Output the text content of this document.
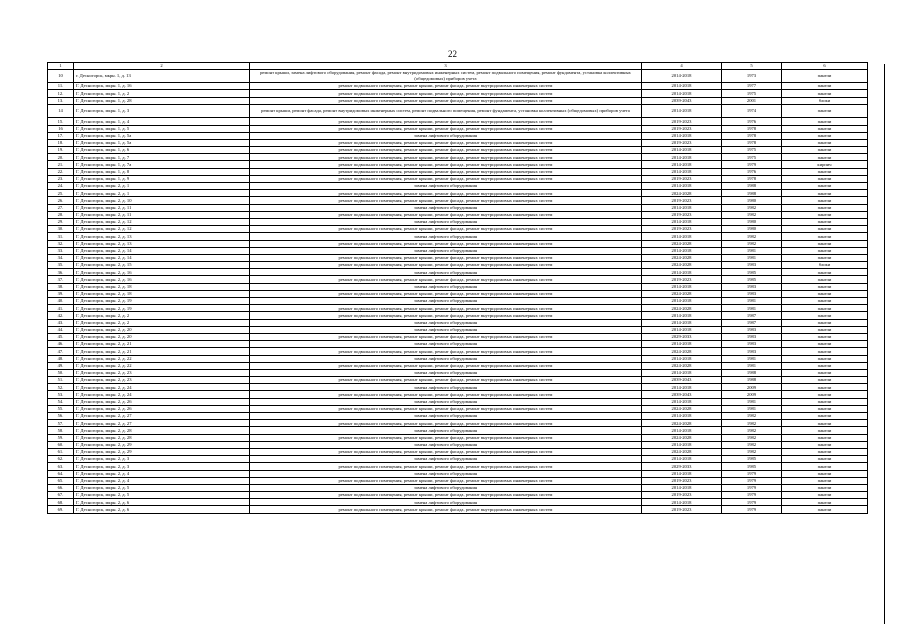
22
1	2	3	4	5	6
10	г. Десногорск, мкрн. 1, д. 13	ремонт крыши, замена лифтового оборудования, ремонт фасада, ремонт внутридомовых инженерных систем, ремонт подвального помещения, ремонт фундамента, установка коллективных (общедомовых) приборов учета	2014-2018	1973	панели
11.	Г. Десногорск, мкрн. 1, д. 16	ремонт подвального помещения, ремонт крыши, ремонт фасада, ремонт внутридомовых инженерных систем	2014-2018	1977	панели
12.	Г. Десногорск, мкрн. 1, д. 2	ремонт подвального помещения, ремонт крыши, ремонт фасада, ремонт внутридомовых инженерных систем	2014-2018	1975	панели
13.	Г. Десногорск, мкрн. 1, д. 28	ремонт подвального помещения, ремонт крыши, ремонт фасада, ремонт внутридомовых инженерных систем	2039-2043	2001	блоки
14	Г. Десногорск, мкрн. 1, д. 3	ремонт крыши, ремонт фасада, ремонт внутридомовых инженерных систем, ремонт подвального помещения, ремонт фундамента, установка коллективных (общедомовых) приборов учета	2014-2018	1974	панели
15.	Г. Десногорск, мкрн. 1, д. 4	ремонт подвального помещения, ремонт крыши, ремонт фасада, ремонт внутридомовых инженерных систем	2019-2023	1976	панели
16	Г. Десногорск, мкрн. 1, д. 5	ремонт подвального помещения, ремонт крыши, ремонт фасада, ремонт внутридомовых инженерных систем	2019-2023	1978	панели
17.	Г. Десногорск, мкрн. 1, д. 5а	замена лифтового оборудования	2014-2018	1978	панели
18.	Г. Десногорск, мкрн. 1, д. 5а	ремонт подвального помещения, ремонт крыши, ремонт фасада, ремонт внутридомовых инженерных систем	2019-2023	1978	панели
19.	Г. Десногорск, мкрн. 1, д. 6	ремонт подвального помещения, ремонт крыши, ремонт фасада, ремонт внутридомовых инженерных систем	2014-2018	1975	панели
20.	Г. Десногорск, мкрн. 1, д. 7	ремонт подвального помещения, ремонт крыши, ремонт фасада, ремонт внутридомовых инженерных систем	2014-2018	1975	панели
21.	Г. Десногорск, мкрн. 1, д. 7а	ремонт подвального помещения, ремонт крыши, ремонт фасада, ремонт внутридомовых инженерных систем	2014-2018	1979	кирпич
22.	Г. Десногорск, мкрн. 1, д. 8	ремонт подвального помещения, ремонт крыши, ремонт фасада, ремонт внутридомовых инженерных систем	2014-2018	1976	панели
23.	Г. Десногорск, мкрн. 1, д. 9	ремонт подвального помещения, ремонт крыши, ремонт фасада, ремонт внутридомовых инженерных систем	2019-2023	1978	панели
24.	Г. Десногорск, мкрн. 2, д. 1	замена лифтового оборудования	2014-2018	1988	панели
25.	Г. Десногорск, мкрн. 2, д. 1	ремонт подвального помещения, ремонт крыши, ремонт фасада, ремонт внутридомовых инженерных систем	2024-2028	1988	панели
26.	Г. Десногорск, мкрн. 2, д. 10	ремонт подвального помещения, ремонт крыши, ремонт фасада, ремонт внутридомовых инженерных систем	2019-2023	1980	панели
27.	Г. Десногорск, мкрн. 2, д. 11	замена лифтового оборудования	2014-2018	1982	панели
28.	Г. Десногорск, мкрн. 2, д. 11	ремонт подвального помещения, ремонт крыши, ремонт фасада, ремонт внутридомовых инженерных систем	2019-2023	1982	панели
29.	Г. Десногорск, мкрн. 2, д. 12	замена лифтового оборудования	2014-2018	1980	панели
30.	Г. Десногорск, мкрн. 2, д. 12	ремонт подвального помещения, ремонт крыши, ремонт фасада, ремонт внутридомовых инженерных систем	2019-2023	1980	панели
31.	Г. Десногорск, мкрн. 2, д. 13	замена лифтового оборудования	2014-2018	1982	панели
32.	Г. Десногорск, мкрн. 2, д. 13	ремонт подвального помещения, ремонт крыши, ремонт фасада, ремонт внутридомовых инженерных систем	2024-2028	1982	панели
33.	Г. Десногорск, мкрн. 2, д. 14	замена лифтового оборудования	2014-2018	1981	панели
34.	Г. Десногорск, мкрн. 2, д. 14	ремонт подвального помещения, ремонт крыши, ремонт фасада, ремонт внутридомовых инженерных систем	2024-2028	1981	панели
35.	Г. Десногорск, мкрн. 2, д. 15	ремонт подвального помещения, ремонт крыши, ремонт фасада, ремонт внутридомовых инженерных систем	2024-2028	1983	блоки
36.	Г. Десногорск, мкрн. 2, д. 16	замена лифтового оборудования	2014-2018	1985	панели
37.	Г. Десногорск, мкрн. 2, д. 16	ремонт подвального помещения, ремонт крыши, ремонт фасада, ремонт внутридомовых инженерных систем	2019-2023	1985	панели
38.	Г. Десногорск, мкрн. 2, д. 18	замена лифтового оборудования	2014-2018	1983	панели
39.	Г. Десногорск, мкрн. 2, д. 18	ремонт подвального помещения, ремонт крыши, ремонт фасада, ремонт внутридомовых инженерных систем	2024-2028	1983	панели
40.	Г. Десногорск, мкрн. 2, д. 19	замена лифтового оборудования	2014-2018	1981	панели
41.	Г. Десногорск, мкрн. 2, д. 19	ремонт подвального помещения, ремонт крыши, ремонт фасада, ремонт внутридомовых инженерных систем	2024-2028	1981	панели
42.	Г. Десногорск, мкрн. 2, д. 2	ремонт подвального помещения, ремонт крыши, ремонт фасада, ремонт внутридомовых инженерных систем	2014-2018	1987	панели
43.	Г. Десногорск, мкрн. 2, д. 2	замена лифтового оборудования	2014-2018	1987	панели
44.	Г. Десногорск, мкрн. 2, д. 20	замена лифтового оборудования	2014-2018	1983	панели
45.	Г. Десногорск, мкрн. 2, д. 20	ремонт подвального помещения, ремонт крыши, ремонт фасада, ремонт внутридомовых инженерных систем	2029-2033	1983	панели
46.	Г. Десногорск, мкрн. 2, д. 21	замена лифтового оборудования	2014-2018	1983	панели
47.	Г. Десногорск, мкрн. 2, д. 21	ремонт подвального помещения, ремонт крыши, ремонт фасада, ремонт внутридомовых инженерных систем	2024-2028	1983	панели
48.	Г. Десногорск, мкрн. 2, д. 22	замена лифтового оборудования	2014-2018	1981	панели
49.	Г. Десногорск, мкрн. 2, д. 22	ремонт подвального помещения, ремонт крыши, ремонт фасада, ремонт внутридомовых инженерных систем	2024-2028	1981	панели
50.	Г. Десногорск, мкрн. 2, д. 23	замена лифтового оборудования	2014-2018	1988	панели
51.	Г. Десногорск, мкрн. 2, д. 23	ремонт подвального помещения, ремонт крыши, ремонт фасада, ремонт внутридомовых инженерных систем	2039-2043	1988	панели
52.	Г. Десногорск, мкрн. 2, д. 24	замена лифтового оборудования	2014-2018	2009	панели
53.	Г. Десногорск, мкрн. 2, д. 24	ремонт подвального помещения, ремонт крыши, ремонт фасада, ремонт внутридомовых инженерных систем	2039-2043	2009	панели
54.	Г. Десногорск, мкрн. 2, д. 26	замена лифтового оборудования	2014-2018	1981	панели
55.	Г. Десногорск, мкрн. 2, д. 26	ремонт подвального помещения, ремонт крыши, ремонт фасада, ремонт внутридомовых инженерных систем	2024-2028	1981	панели
56.	Г. Десногорск, мкрн. 2, д. 27	замена лифтового оборудования	2014-2018	1982	панели
57.	Г. Десногорск, мкрн. 2, д. 27	ремонт подвального помещения, ремонт крыши, ремонт фасада, ремонт внутридомовых инженерных систем	2024-2028	1982	панели
58.	Г. Десногорск, мкрн. 2, д. 28	замена лифтового оборудования	2014-2018	1982	панели
59.	Г. Десногорск, мкрн. 2, д. 28	ремонт подвального помещения, ремонт крыши, ремонт фасада, ремонт внутридомовых инженерных систем	2024-2028	1982	панели
60.	Г. Десногорск, мкрн. 2, д. 29	замена лифтового оборудования	2014-2018	1982	панели
61.	Г. Десногорск, мкрн. 2, д. 29	ремонт подвального помещения, ремонт крыши, ремонт фасада, ремонт внутридомовых инженерных систем	2024-2028	1982	панели
62.	Г. Десногорск, мкрн. 2, д. 3	замена лифтового оборудования	2014-2018	1985	панели
63.	Г. Десногорск, мкрн. 2, д. 3	ремонт подвального помещения, ремонт крыши, ремонт фасада, ремонт внутридомовых инженерных систем	2029-2033	1985	панели
64.	Г. Десногорск, мкрн. 2, д. 4	замена лифтового оборудования	2014-2018	1979	панели
65.	Г. Десногорск, мкрн. 2, д. 4	ремонт подвального помещения, ремонт крыши, ремонт фасада, ремонт внутридомовых инженерных систем	2019-2023	1979	панели
66.	Г. Десногорск, мкрн. 2, д. 5	замена лифтового оборудования	2014-2018	1979	панели
67.	Г. Десногорск, мкрн. 2, д. 5	ремонт подвального помещения, ремонт крыши, ремонт фасада, ремонт внутридомовых инженерных систем	2019-2023	1979	панели
68.	Г. Десногорск, мкрн. 2, д. 6	замена лифтового оборудования	2014-2018	1979	панели
69.	Г. Десногорск, мкрн. 2, д. 6	ремонт подвального помещения, ремонт крыши, ремонт фасада, ремонт внутридомовых инженерных систем	2019-2023	1979	панели
